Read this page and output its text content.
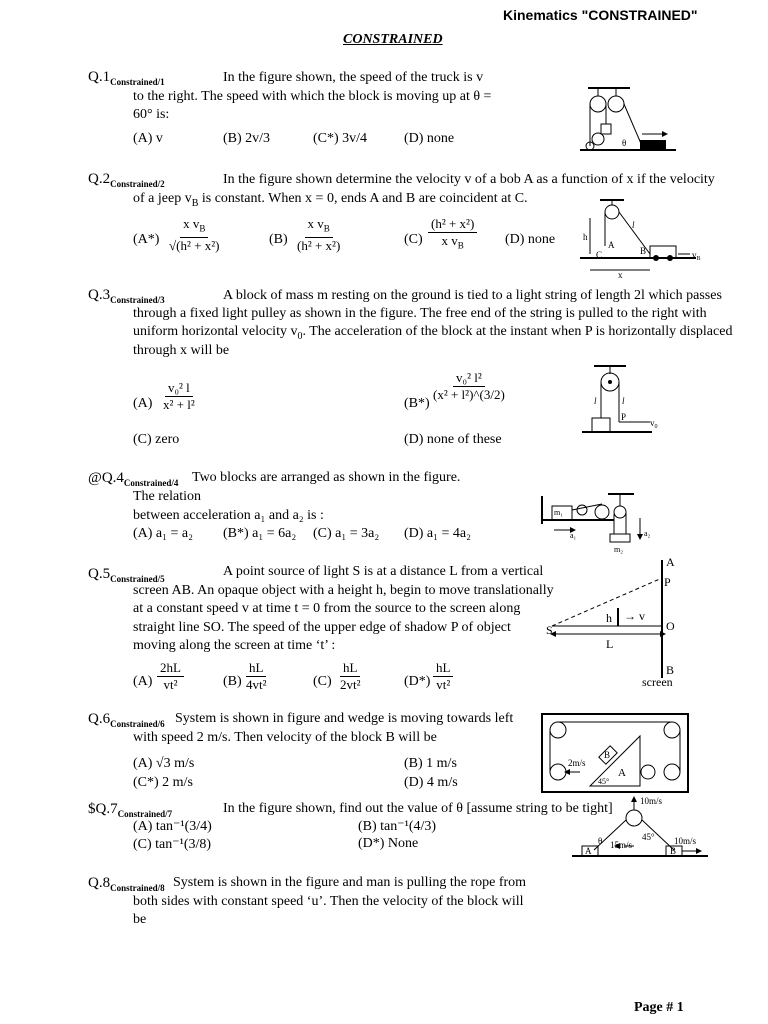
Kinematics "CONSTRAINED"
CONSTRAINED
$Q.1_{Constrained/1}$	In the figure shown, the speed of the truck is v
to the right. The speed with which the block is moving up at θ =
60° is:
(A) v	(B) 2v/3	(C*) 3v/4	(D) none	θ
$Q.2_{Constrained/2}$	In the figure shown determine the velocity v of a bob A as a function of x if the velocity
of a jeep $v_B$ is constant. When x = 0, ends A and B are coincident at C.
$(A*) \frac{x v_B}{\text{√(h² + x²)}}$	$(B) \frac{x v_B}{\text{(h² + x²)}}$	$(C) \frac{\text{(h² + x²)}}{x v_B} (D)$ none	h
l
A
B
C
x
$v_B$
$Q.3_{Constrained/3}$	A block of mass m resting on the ground is tied to a light string of length 2l which passes
through a fixed light pulley as shown in the figure. The free end of the string is pulled to the right with
uniform horizontal velocity $v_0$. The acceleration of the block at the instant when P is horizontally displaced
through x will be
$(A) \frac{\text{v₀² l}}{\text{x² + l²}}$	(B*)
$\frac{\text{v₀² l²}}{\text{(x² + l²)\textasciicircum{}(3/2)}}$
(C) zero	(D) none of these
l	l
P
$v_0$
$@Q.4_{Constrained/4}$ Two blocks are arranged as shown in the figure.
The relation
between acceleration a₁ and a₂ is :
(A) a₁ = a₂ (B*) a₁ = 6a₂ (C) a₁ = 3a₂ (D) a₁ = 4a₂
m₁
m₂
a₁	a₂
$Q.5_{Constrained/5}$	A point source of light S is at a distance L from a vertical
screen AB. An opaque object with a height h, begin to move translationally
at a constant speed v at time t = 0 from the source to the screen along
straight line SO. The speed of the upper edge of shadow P of object
moving along the screen at time ‘t’ :
$(A) \frac{2hL}{\text{vt²}}$	$(B) \frac{hL}{\text{4vt²}}$	$(C) \frac{hL}{\text{2vt²}}$	$(D*) \frac{hL}{\text{vt²}}$
A
P
h → v
S	O
L
B
screen
$Q.6_{Constrained/6}$ System is shown in figure and wedge is moving towards left
with speed 2 m/s. Then velocity of the block B will be
(A) √3 m/s	(B) 1 m/s
(C*) 2 m/s	(D) 4 m/s
2m/s
B
A
45°
$\$Q.7_{Constrained/7}$	In the figure shown, find out the value of θ [assume string to be tight]
(A) tan⁻¹(3/4)	(B) tan⁻¹(4/3)
(C) tan⁻¹(3/8)	(D*) None
10m/s
θ 15m/s
45° 10m/s
A	B
$Q.8_{Constrained/8}$ System is shown in the figure and man is pulling the rope from
both sides with constant speed ‘u’. Then the velocity of the block will
be
Page # 1
